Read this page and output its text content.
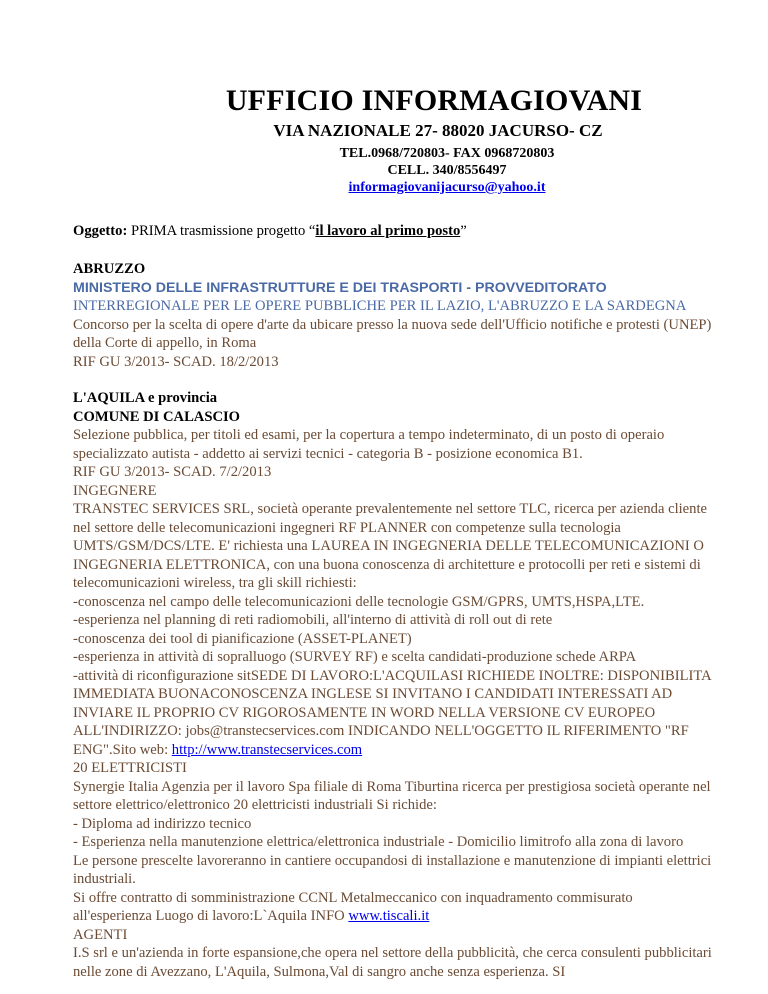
UFFICIO INFORMAGIOVANI
VIA NAZIONALE 27- 88020 JACURSO- CZ
TEL.0968/720803- FAX 0968720803
CELL. 340/8556497
informagiovanijacurso@yahoo.it
Oggetto: PRIMA trasmissione progetto “il lavoro al primo posto”

ABRUZZO

MINISTERO DELLE INFRASTRUTTURE E DEI TRASPORTI - PROVVEDITORATO

INTERREGIONALE PER LE OPERE PUBBLICHE PER IL LAZIO, L'ABRUZZO E LA SARDEGNA

Concorso per la scelta di opere d'arte da ubicare presso la nuova sede dell'Ufficio notifiche e protesti (UNEP) della Corte di appello, in Roma

RIF GU 3/2013- SCAD. 18/2/2013

L'AQUILA e provincia

COMUNE DI CALASCIO

Selezione pubblica, per titoli ed esami, per la copertura a tempo indeterminato, di un posto di operaio specializzato autista - addetto ai servizi tecnici - categoria B - posizione economica B1.

RIF GU 3/2013- SCAD. 7/2/2013

INGEGNERE

TRANSTEC SERVICES SRL, società operante prevalentemente nel settore TLC, ricerca per azienda cliente nel settore delle telecomunicazioni ingegneri RF PLANNER con competenze sulla tecnologia UMTS/GSM/DCS/LTE. E' richiesta una LAUREA IN INGEGNERIA DELLE TELECOMUNICAZIONI O INGEGNERIA ELETTRONICA, con una buona conoscenza di architetture e protocolli per reti e sistemi di telecomunicazioni wireless, tra gli skill richiesti:

-conoscenza nel campo delle telecomunicazioni delle tecnologie GSM/GPRS, UMTS,HSPA,LTE.

-esperienza nel planning di reti radiomobili, all'interno di attività di roll out di rete

-conoscenza dei tool di pianificazione (ASSET-PLANET)

-esperienza in attività di sopralluogo (SURVEY RF) e scelta candidati-produzione schede ARPA

-attività di riconfigurazione sitSEDE DI LAVORO:L'ACQUILASI RICHIEDE INOLTRE: DISPONIBILITA IMMEDIATA BUONACONOSCENZA INGLESE SI INVITANO I CANDIDATI INTERESSATI AD INVIARE IL PROPRIO CV RIGOROSAMENTE IN WORD NELLA VERSIONE CV EUROPEO ALL'INDIRIZZO: jobs@transtecservices.com INDICANDO NELL'OGGETTO IL RIFERIMENTO "RF ENG".Sito web: http://www.transtecservices.com

20 ELETTRICISTI

Synergie Italia Agenzia per il lavoro Spa filiale di Roma Tiburtina ricerca per prestigiosa società operante nel settore elettrico/elettronico 20 elettricisti industriali Si richide:

- Diploma ad indirizzo tecnico

- Esperienza nella manutenzione elettrica/elettronica industriale - Domicilio limitrofo alla zona di lavoro

Le persone prescelte lavoreranno in cantiere occupandosi di installazione e manutenzione di impianti elettrici industriali.

Si offre contratto di somministrazione CCNL Metalmeccanico con inquadramento commisurato all'esperienza Luogo di lavoro:L`Aquila INFO www.tiscali.it

AGENTI

I.S srl e un'azienda in forte espansione,che opera nel settore della pubblicità, che cerca consulenti pubblicitari nelle zone di Avezzano, L'Aquila, Sulmona,Val di sangro anche senza esperienza. SI
